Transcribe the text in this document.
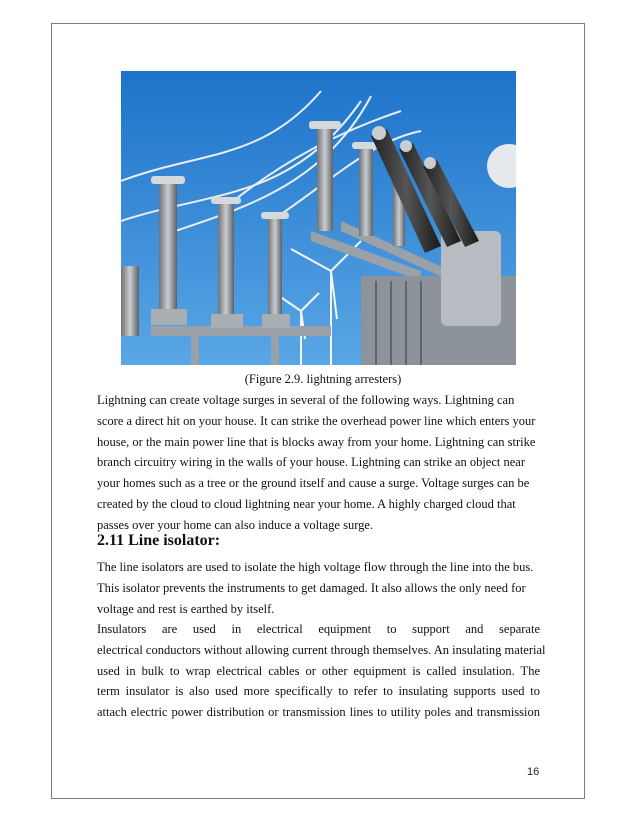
(Figure 2.9. lightning arresters)
Lightning can create voltage surges in several of the following ways. Lightning can score a direct hit on your house. It can strike the overhead power line which enters your house, or the main power line that is blocks away from your home. Lightning can strike branch circuitry wiring in the walls of your house. Lightning can strike an object near your homes such as a tree or the ground itself and cause a surge. Voltage surges can be created by the cloud to cloud lightning near your home. A highly charged cloud that passes over your home can also induce a voltage surge.
2.11 Line isolator:
The line isolators are used to isolate the high voltage flow through the line into the bus. This isolator prevents the instruments to get damaged. It also allows the only need for voltage and rest is earthed by itself.
Insulators are used in electrical equipment to support and separate
electrical conductors without allowing current through themselves. An insulating material
used in bulk to wrap electrical cables or other equipment is called insulation. The
term insulator is also used more specifically to refer to insulating supports used to
attach electric power distribution or transmission lines to utility poles and transmission
16
